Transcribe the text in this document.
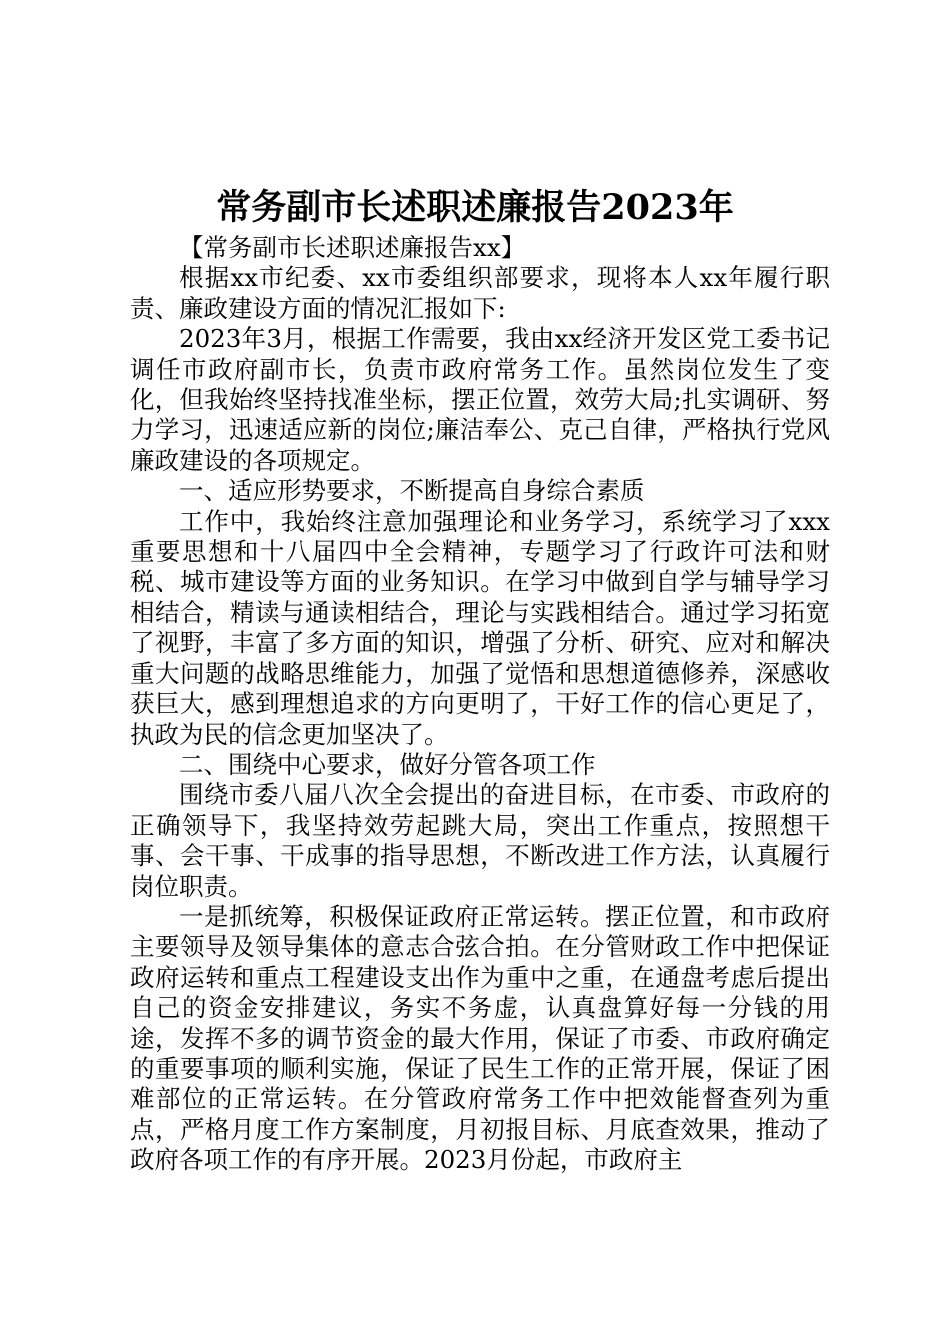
常务副市长述职述廉报告2023年

【常务副市长述职述廉报告xx】

根据xx市纪委、xx市委组织部要求，现将本人xx年履行职责、廉政建设方面的情况汇报如下:

2023年3月，根据工作需要，我由xx经济开发区党工委书记调任市政府副市长，负责市政府常务工作。虽然岗位发生了变化，但我始终坚持找准坐标，摆正位置，效劳大局;扎实调研、努力学习，迅速适应新的岗位;廉洁奉公、克己自律，严格执行党风廉政建设的各项规定。

一、适应形势要求，不断提高自身综合素质

工作中，我始终注意加强理论和业务学习，系统学习了xxx重要思想和十八届四中全会精神，专题学习了行政许可法和财税、城市建设等方面的业务知识。在学习中做到自学与辅导学习相结合，精读与通读相结合，理论与实践相结合。通过学习拓宽了视野，丰富了多方面的知识，增强了分析、研究、应对和解决重大问题的战略思维能力，加强了觉悟和思想道德修养，深感收获巨大，感到理想追求的方向更明了，干好工作的信心更足了，执政为民的信念更加坚决了。

二、围绕中心要求，做好分管各项工作

围绕市委八届八次全会提出的奋进目标，在市委、市政府的正确领导下，我坚持效劳起跳大局，突出工作重点，按照想干事、会干事、干成事的指导思想，不断改进工作方法，认真履行岗位职责。

一是抓统筹，积极保证政府正常运转。摆正位置，和市政府主要领导及领导集体的意志合弦合拍。在分管财政工作中把保证政府运转和重点工程建设支出作为重中之重，在通盘考虑后提出自己的资金安排建议，务实不务虚，认真盘算好每一分钱的用途，发挥不多的调节资金的最大作用，保证了市委、市政府确定的重要事项的顺利实施，保证了民生工作的正常开展，保证了困难部位的正常运转。在分管政府常务工作中把效能督查列为重点，严格月度工作方案制度，月初报目标、月底查效果，推动了政府各项工作的有序开展。2023月份起，市政府主
